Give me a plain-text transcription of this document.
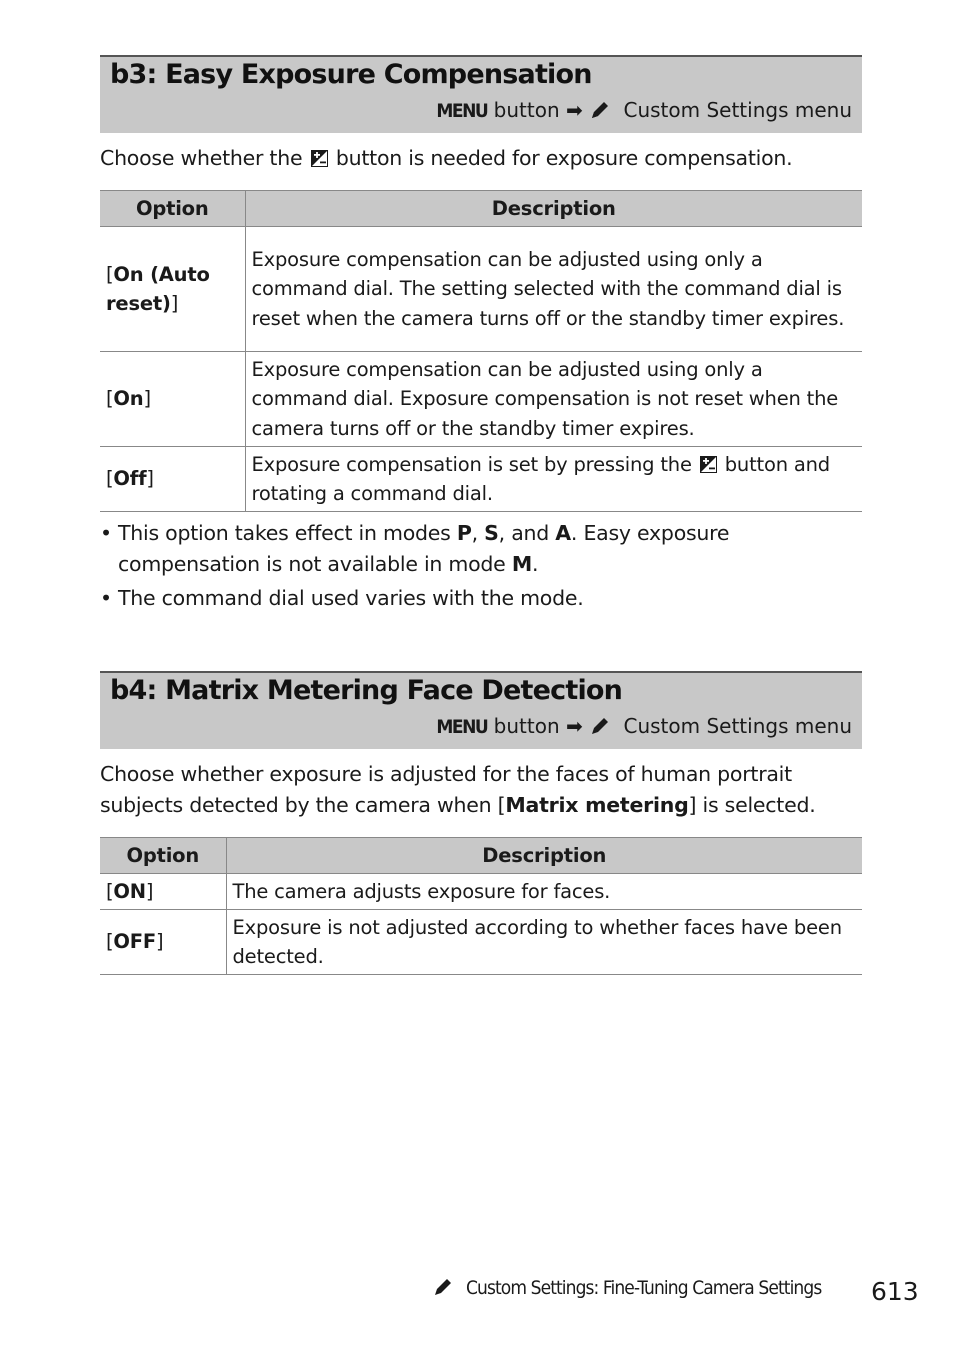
b3: Easy Exposure Compensation
MENU button ➡ Custom Settings menu
Choose whether the button is needed for exposure compensation.
Option	Description
[On (Auto reset)]	Exposure compensation can be adjusted using only a command dial. The setting selected with the command dial is reset when the camera turns off or the standby timer expires.
[On]	Exposure compensation can be adjusted using only a command dial. Exposure compensation is not reset when the camera turns off or the standby timer expires.
[Off]	Exposure compensation is set by pressing the button and rotating a command dial.
• This option takes effect in modes P, S, and A. Easy exposure compensation is not available in mode M.
• The command dial used varies with the mode.
b4: Matrix Metering Face Detection
MENU button ➡ Custom Settings menu
Choose whether exposure is adjusted for the faces of human portrait subjects detected by the camera when [Matrix metering] is selected.
Option	Description
[ON]	The camera adjusts exposure for faces.
[OFF]	Exposure is not adjusted according to whether faces have been detected.
Custom Settings: Fine-Tuning Camera Settings 613
